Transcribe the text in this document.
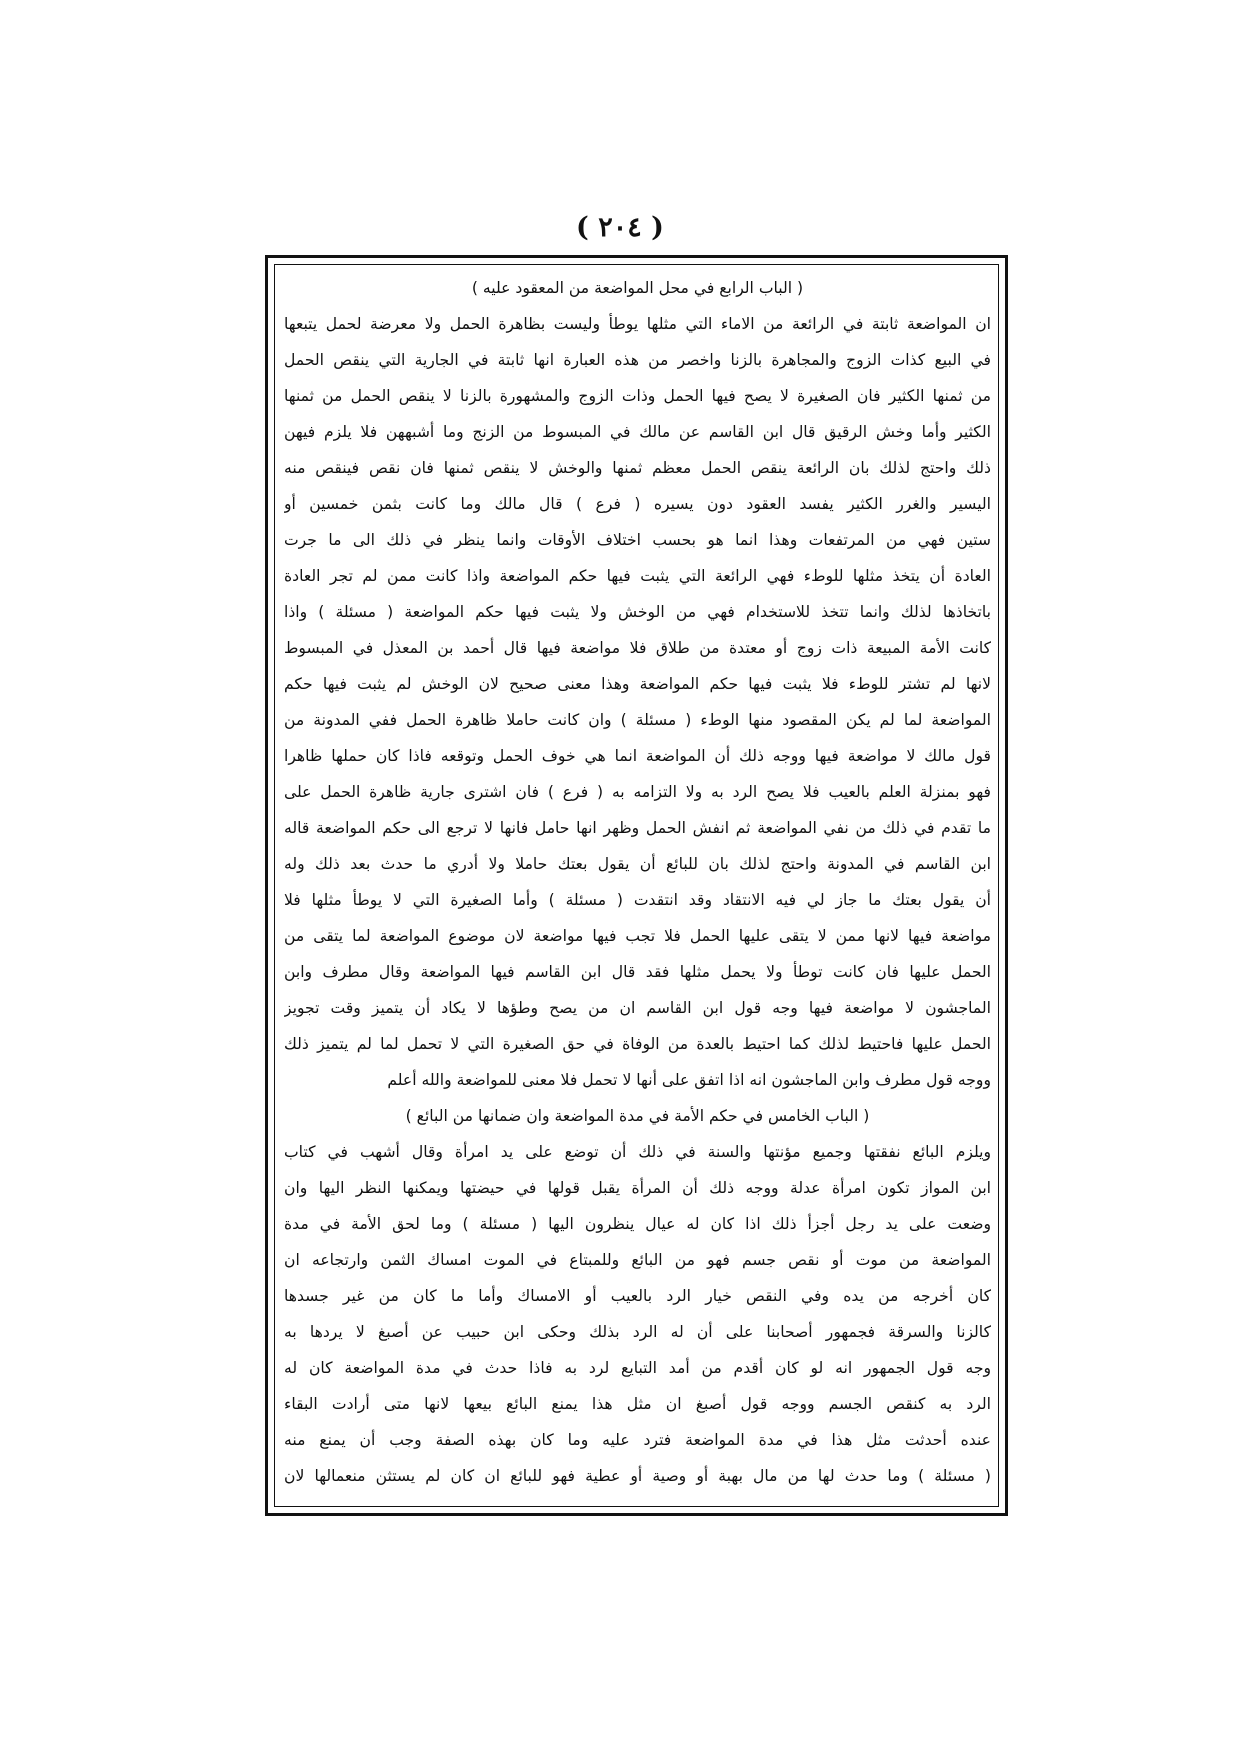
( ٢٠٤ )
( الباب الرابع في محل المواضعة من المعقود عليه )
ان المواضعة ثابتة في الرائعة من الاماء التي مثلها يوطأ وليست بظاهرة الحمل ولا معرضة لحمل يتبعها
في البيع كذات الزوج والمجاهرة بالزنا واخصر من هذه العبارة انها ثابتة في الجارية التي ينقص الحمل
من ثمنها الكثير فان الصغيرة لا يصح فيها الحمل وذات الزوج والمشهورة بالزنا لا ينقص الحمل من ثمنها
الكثير وأما وخش الرقيق قال ابن القاسم عن مالك في المبسوط من الزنج وما أشبههن فلا يلزم فيهن
ذلك واحتج لذلك بان الرائعة ينقص الحمل معظم ثمنها والوخش لا ينقص ثمنها فان نقص فينقص منه
اليسير والغرر الكثير يفسد العقود دون يسيره ( فرع ) قال مالك وما كانت بثمن خمسين أو
ستين فهي من المرتفعات وهذا انما هو بحسب اختلاف الأوقات وانما ينظر في ذلك الى ما جرت
العادة أن يتخذ مثلها للوطء فهي الرائعة التي يثبت فيها حكم المواضعة واذا كانت ممن لم تجر العادة
باتخاذها لذلك وانما تتخذ للاستخدام فهي من الوخش ولا يثبت فيها حكم المواضعة ( مسئلة ) واذا
كانت الأمة المبيعة ذات زوج أو معتدة من طلاق فلا مواضعة فيها قال أحمد بن المعذل في المبسوط
لانها لم تشتر للوطء فلا يثبت فيها حكم المواضعة وهذا معنى صحيح لان الوخش لم يثبت فيها حكم
المواضعة لما لم يكن المقصود منها الوطء ( مسئلة ) وان كانت حاملا ظاهرة الحمل ففي المدونة من
قول مالك لا مواضعة فيها ووجه ذلك أن المواضعة انما هي خوف الحمل وتوقعه فاذا كان حملها ظاهرا
فهو بمنزلة العلم بالعيب فلا يصح الرد به ولا التزامه به ( فرع ) فان اشترى جارية ظاهرة الحمل على
ما تقدم في ذلك من نفي المواضعة ثم انفش الحمل وظهر انها حامل فانها لا ترجع الى حكم المواضعة قاله
ابن القاسم في المدونة واحتج لذلك بان للبائع أن يقول بعتك حاملا ولا أدري ما حدث بعد ذلك وله
أن يقول بعتك ما جاز لي فيه الانتقاد وقد انتقدت ( مسئلة ) وأما الصغيرة التي لا يوطأ مثلها فلا
مواضعة فيها لانها ممن لا يتقى عليها الحمل فلا تجب فيها مواضعة لان موضوع المواضعة لما يتقى من
الحمل عليها فان كانت توطأ ولا يحمل مثلها فقد قال ابن القاسم فيها المواضعة وقال مطرف وابن
الماجشون لا مواضعة فيها وجه قول ابن القاسم ان من يصح وطؤها لا يكاد أن يتميز وقت تجويز
الحمل عليها فاحتيط لذلك كما احتيط بالعدة من الوفاة في حق الصغيرة التي لا تحمل لما لم يتميز ذلك
ووجه قول مطرف وابن الماجشون انه اذا اتفق على أنها لا تحمل فلا معنى للمواضعة والله أعلم
( الباب الخامس في حكم الأمة في مدة المواضعة وان ضمانها من البائع )
ويلزم البائع نفقتها وجميع مؤنتها والسنة في ذلك أن توضع على يد امرأة وقال أشهب في كتاب
ابن المواز تكون امرأة عدلة ووجه ذلك أن المرأة يقبل قولها في حيضتها ويمكنها النظر اليها وان
وضعت على يد رجل أجزأ ذلك اذا كان له عيال ينظرون اليها ( مسئلة ) وما لحق الأمة في مدة
المواضعة من موت أو نقص جسم فهو من البائع وللمبتاع في الموت امساك الثمن وارتجاعه ان
كان أخرجه من يده وفي النقص خيار الرد بالعيب أو الامساك وأما ما كان من غير جسدها
كالزنا والسرقة فجمهور أصحابنا على أن له الرد بذلك وحكى ابن حبيب عن أصبغ لا يردها به
وجه قول الجمهور انه لو كان أقدم من أمد التبايع لرد به فاذا حدث في مدة المواضعة كان له
الرد به كنقص الجسم ووجه قول أصبغ ان مثل هذا يمنع البائع بيعها لانها متى أرادت البقاء
عنده أحدثت مثل هذا في مدة المواضعة فترد عليه وما كان بهذه الصفة وجب أن يمنع منه
( مسئلة ) وما حدث لها من مال بهبة أو وصية أو عطية فهو للبائع ان كان لم يستثن منعمالها لان
